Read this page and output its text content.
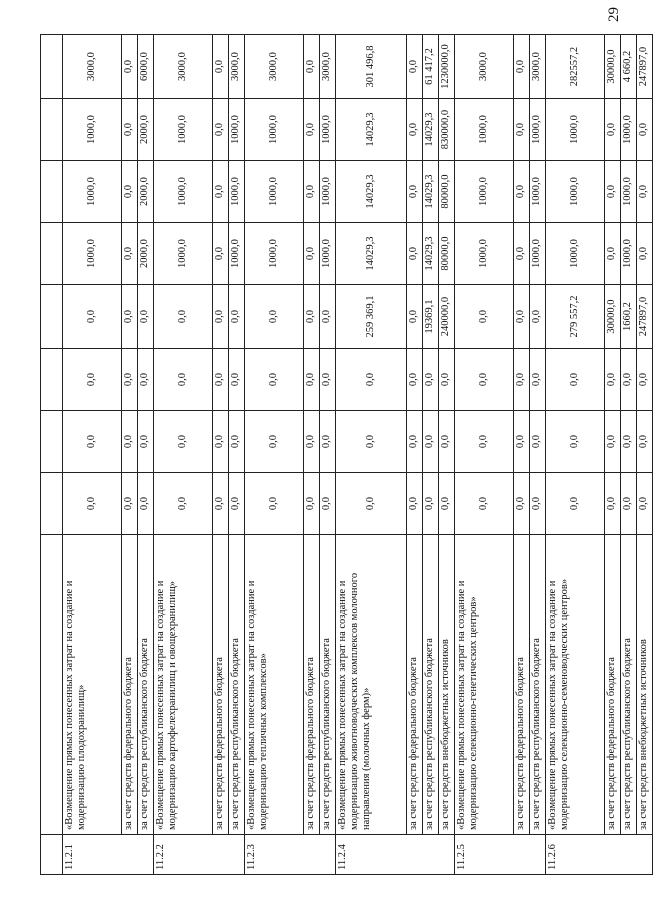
29

11.2.1	«Возмещение прямых понесенных затрат на создание и модернизацию плодохранилищ»	0,0	0,0	0,0	0,0	1000,0	1000,0	1000,0	3000,0
	за счет средств федерального бюджета	0,0	0,0	0,0	0,0	0,0	0,0	0,0	0,0
	за счет средств республиканского бюджета	0,0	0,0	0,0	0,0	2000,0	2000,0	2000,0	6000,0
11.2.2	«Возмещение прямых понесенных затрат на создание и модернизацию картофелехранилищ и овощехранилищ»	0,0	0,0	0,0	0,0	1000,0	1000,0	1000,0	3000,0
	за счет средств федерального бюджета	0,0	0,0	0,0	0,0	0,0	0,0	0,0	0,0
	за счет средств республиканского бюджета	0,0	0,0	0,0	0,0	1000,0	1000,0	1000,0	3000,0
11.2.3	«Возмещение прямых понесенных затрат на создание и модернизацию тепличных комплексов»	0,0	0,0	0,0	0,0	1000,0	1000,0	1000,0	3000,0
	за счет средств федерального бюджета	0,0	0,0	0,0	0,0	0,0	0,0	0,0	0,0
	за счет средств республиканского бюджета	0,0	0,0	0,0	0,0	1000,0	1000,0	1000,0	3000,0
11.2.4	«Возмещение прямых понесенных затрат на создание и модернизацию животноводческих комплексов молочного направления (молочных ферм)»	0,0	0,0	0,0	259 369,1	14029,3	14029,3	14029,3	301 496,8
	за счет средств федерального бюджета	0,0	0,0	0,0	0,0	0,0	0,0	0,0	0,0
	за счет средств республиканского бюджета	0,0	0,0	0,0	19369,1	14029,3	14029,3	14029,3	61 417,2
	за счет средств внебюджетных источников	0,0	0,0	0,0	240000,0	80000,0	80000,0	830000,0	1230000,0
11.2.5	«Возмещение прямых понесенных затрат на создание и модернизацию селекционно-генетических центров»	0,0	0,0	0,0	0,0	1000,0	1000,0	1000,0	3000,0
	за счет средств федерального бюджета	0,0	0,0	0,0	0,0	0,0	0,0	0,0	0,0
	за счет средств республиканского бюджета	0,0	0,0	0,0	0,0	1000,0	1000,0	1000,0	3000,0
11.2.6	«Возмещение прямых понесенных затрат на создание и модернизацию селекционно-семеноводческих центров»	0,0	0,0	0,0	279 557,2	1000,0	1000,0	1000,0	282557,2
	за счет средств федерального бюджета	0,0	0,0	0,0	30000,0	0,0	0,0	0,0	30000,0
	за счет средств республиканского бюджета	0,0	0,0	0,0	1660,2	1000,0	1000,0	1000,0	4 660,2
	за счет средств внебюджетных источников	0,0	0,0	0,0	247897,0	0,0	0,0	0,0	247897,0
